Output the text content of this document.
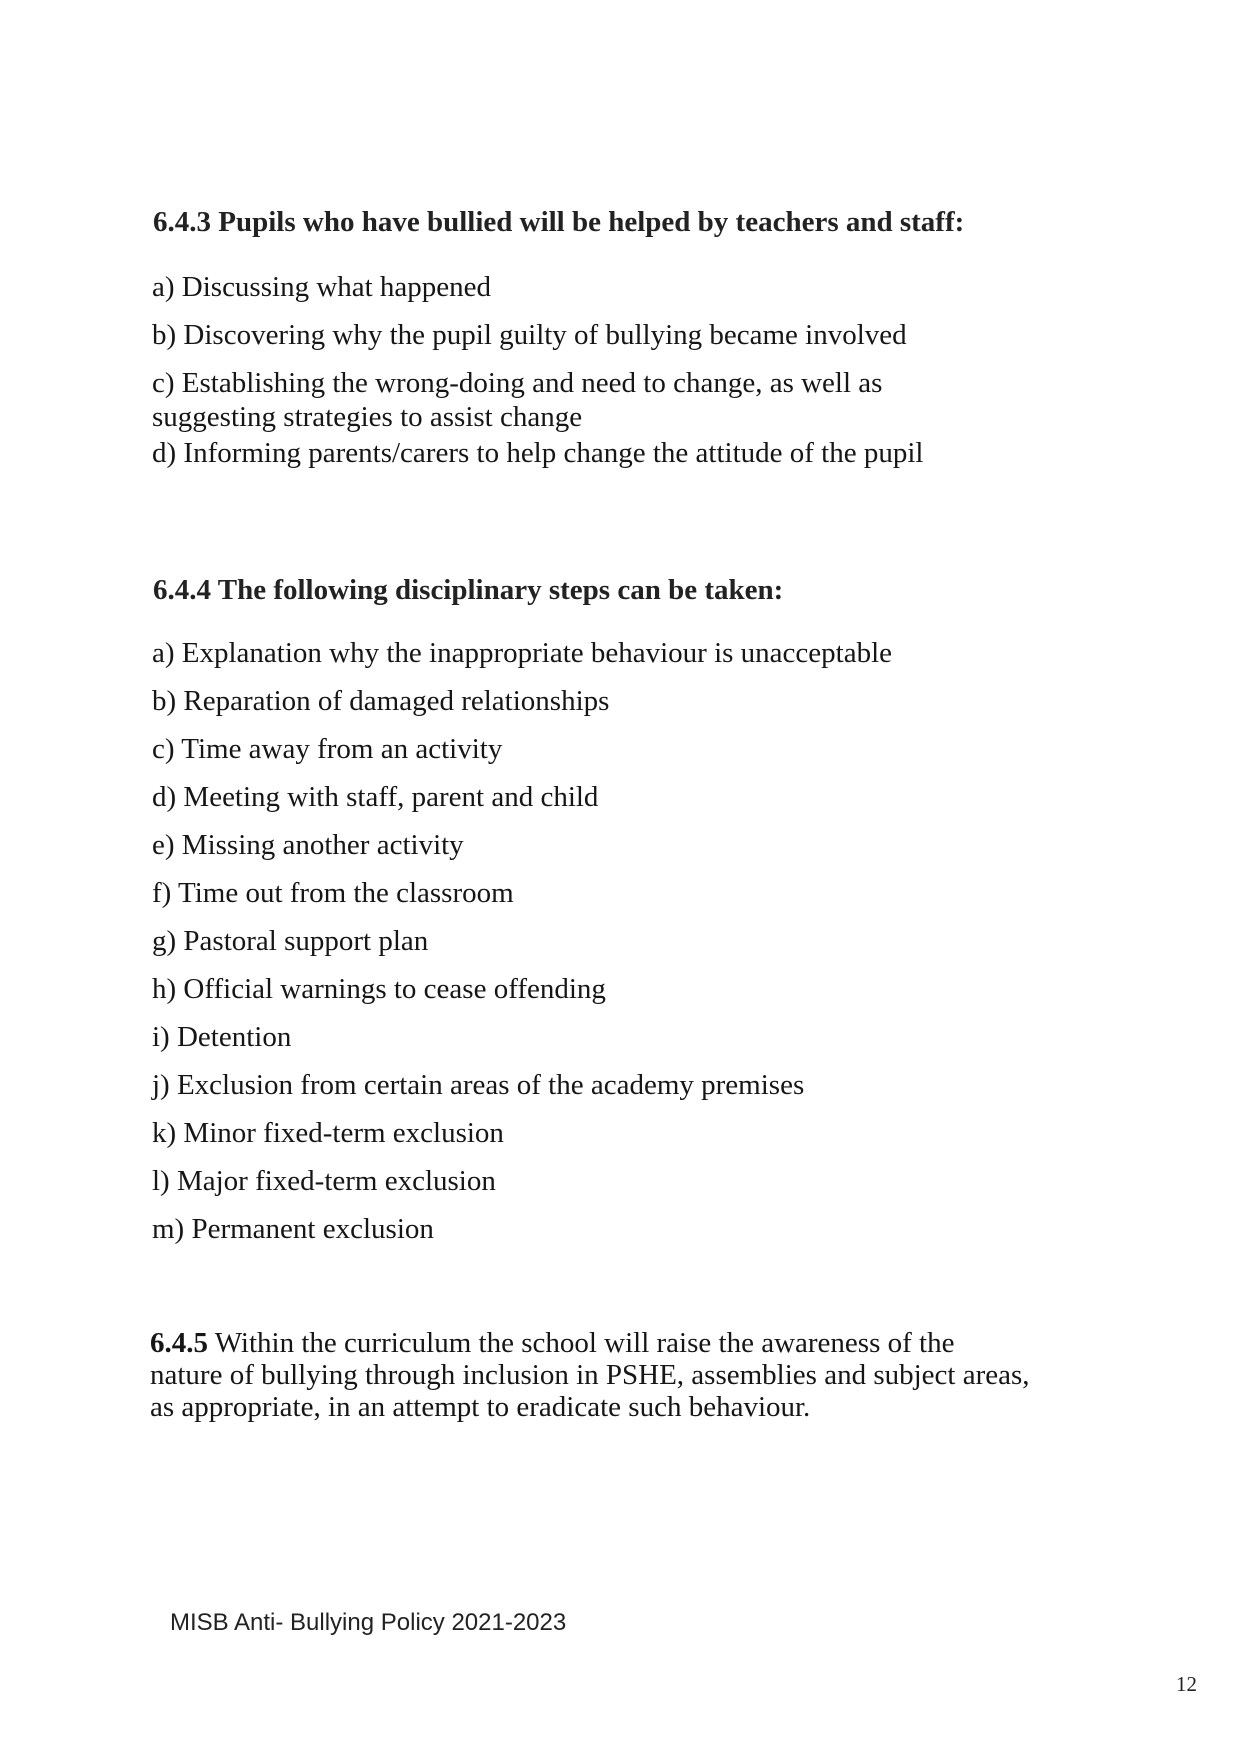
6.4.3 Pupils who have bullied will be helped by teachers and staff:
a) Discussing what happened
b) Discovering why the pupil guilty of bullying became involved
c) Establishing the wrong-doing and need to change, as well as suggesting strategies to assist change
d) Informing parents/carers to help change the attitude of the pupil
6.4.4 The following disciplinary steps can be taken:
a) Explanation why the inappropriate behaviour is unacceptable
b) Reparation of damaged relationships
c) Time away from an activity
d) Meeting with staff, parent and child
e) Missing another activity
f) Time out from the classroom
g) Pastoral support plan
h) Official warnings to cease offending
i) Detention
j) Exclusion from certain areas of the academy premises
k) Minor fixed-term exclusion
l) Major fixed-term exclusion
m) Permanent exclusion

6.4.5 Within the curriculum the school will raise the awareness of the nature of bullying through inclusion in PSHE, assemblies and subject areas, as appropriate, in an attempt to eradicate such behaviour.

MISB Anti- Bullying Policy 2021-2023
12
